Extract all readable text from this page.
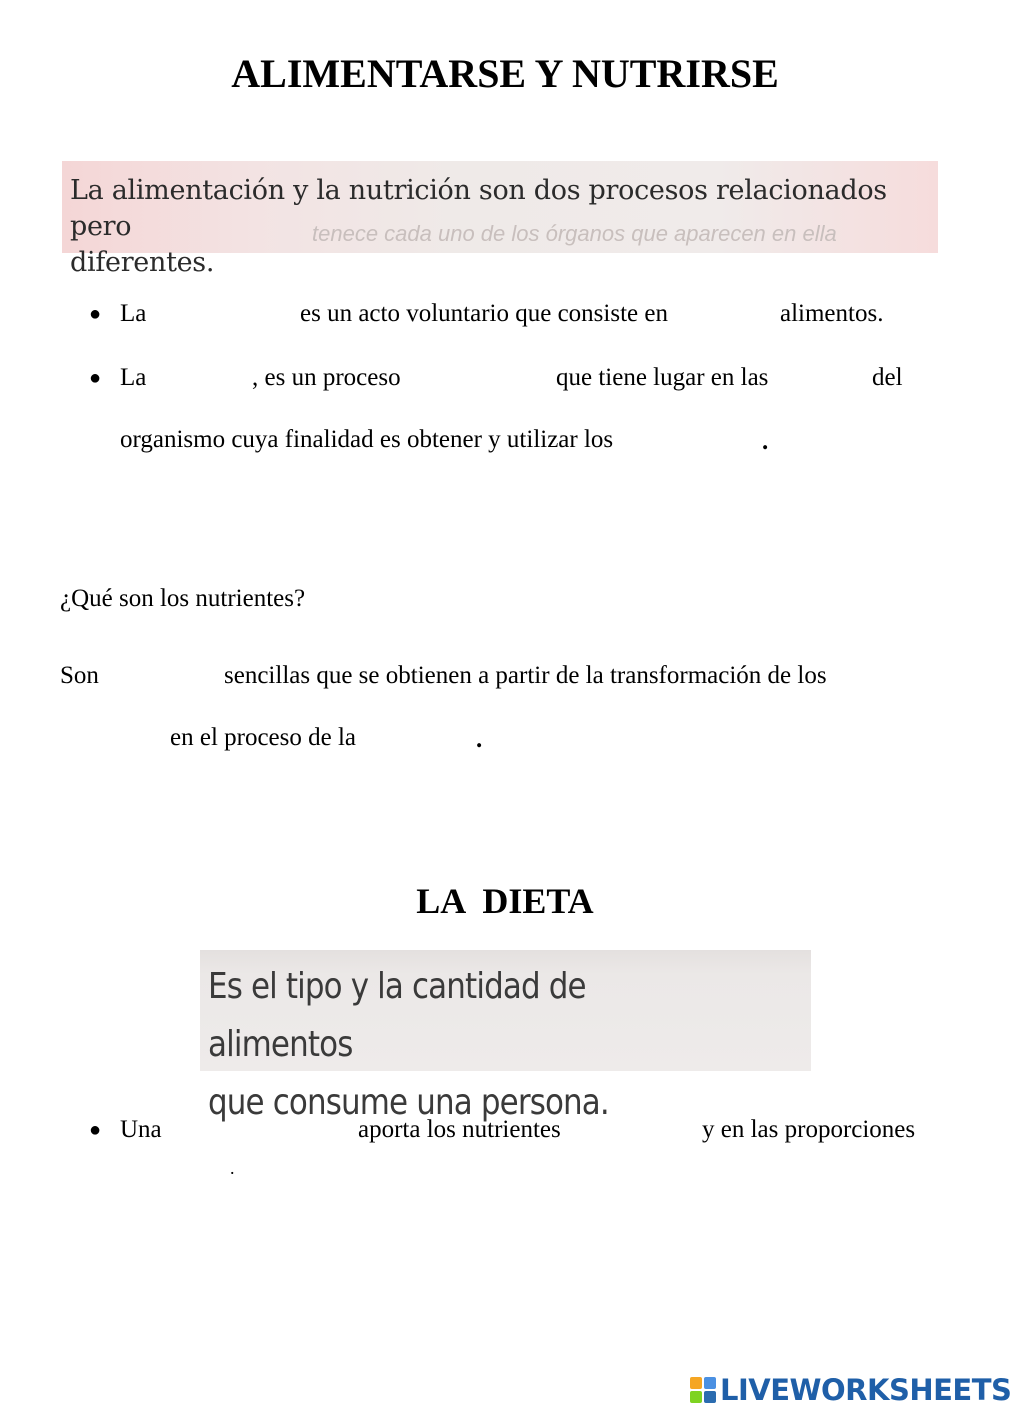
ALIMENTARSE Y NUTRIRSE
tenece cada uno de los órganos que aparecen en ella
La alimentación y la nutrición son dos procesos relacionados pero
diferentes.
● La	es un acto voluntario que consiste en	alimentos.
● La	, es un proceso	que tiene lugar en las	del
organismo cuya finalidad es obtener y utilizar los	.
¿Qué son los nutrientes?
Son	sencillas que se obtienen a partir de la transformación de los
en el proceso de la	.
LA  DIETA
Es el tipo y la cantidad de alimentos
que consume una persona.
● Una	aporta los nutrientes	y en las proporciones
.
LIVEWORKSHEETS
